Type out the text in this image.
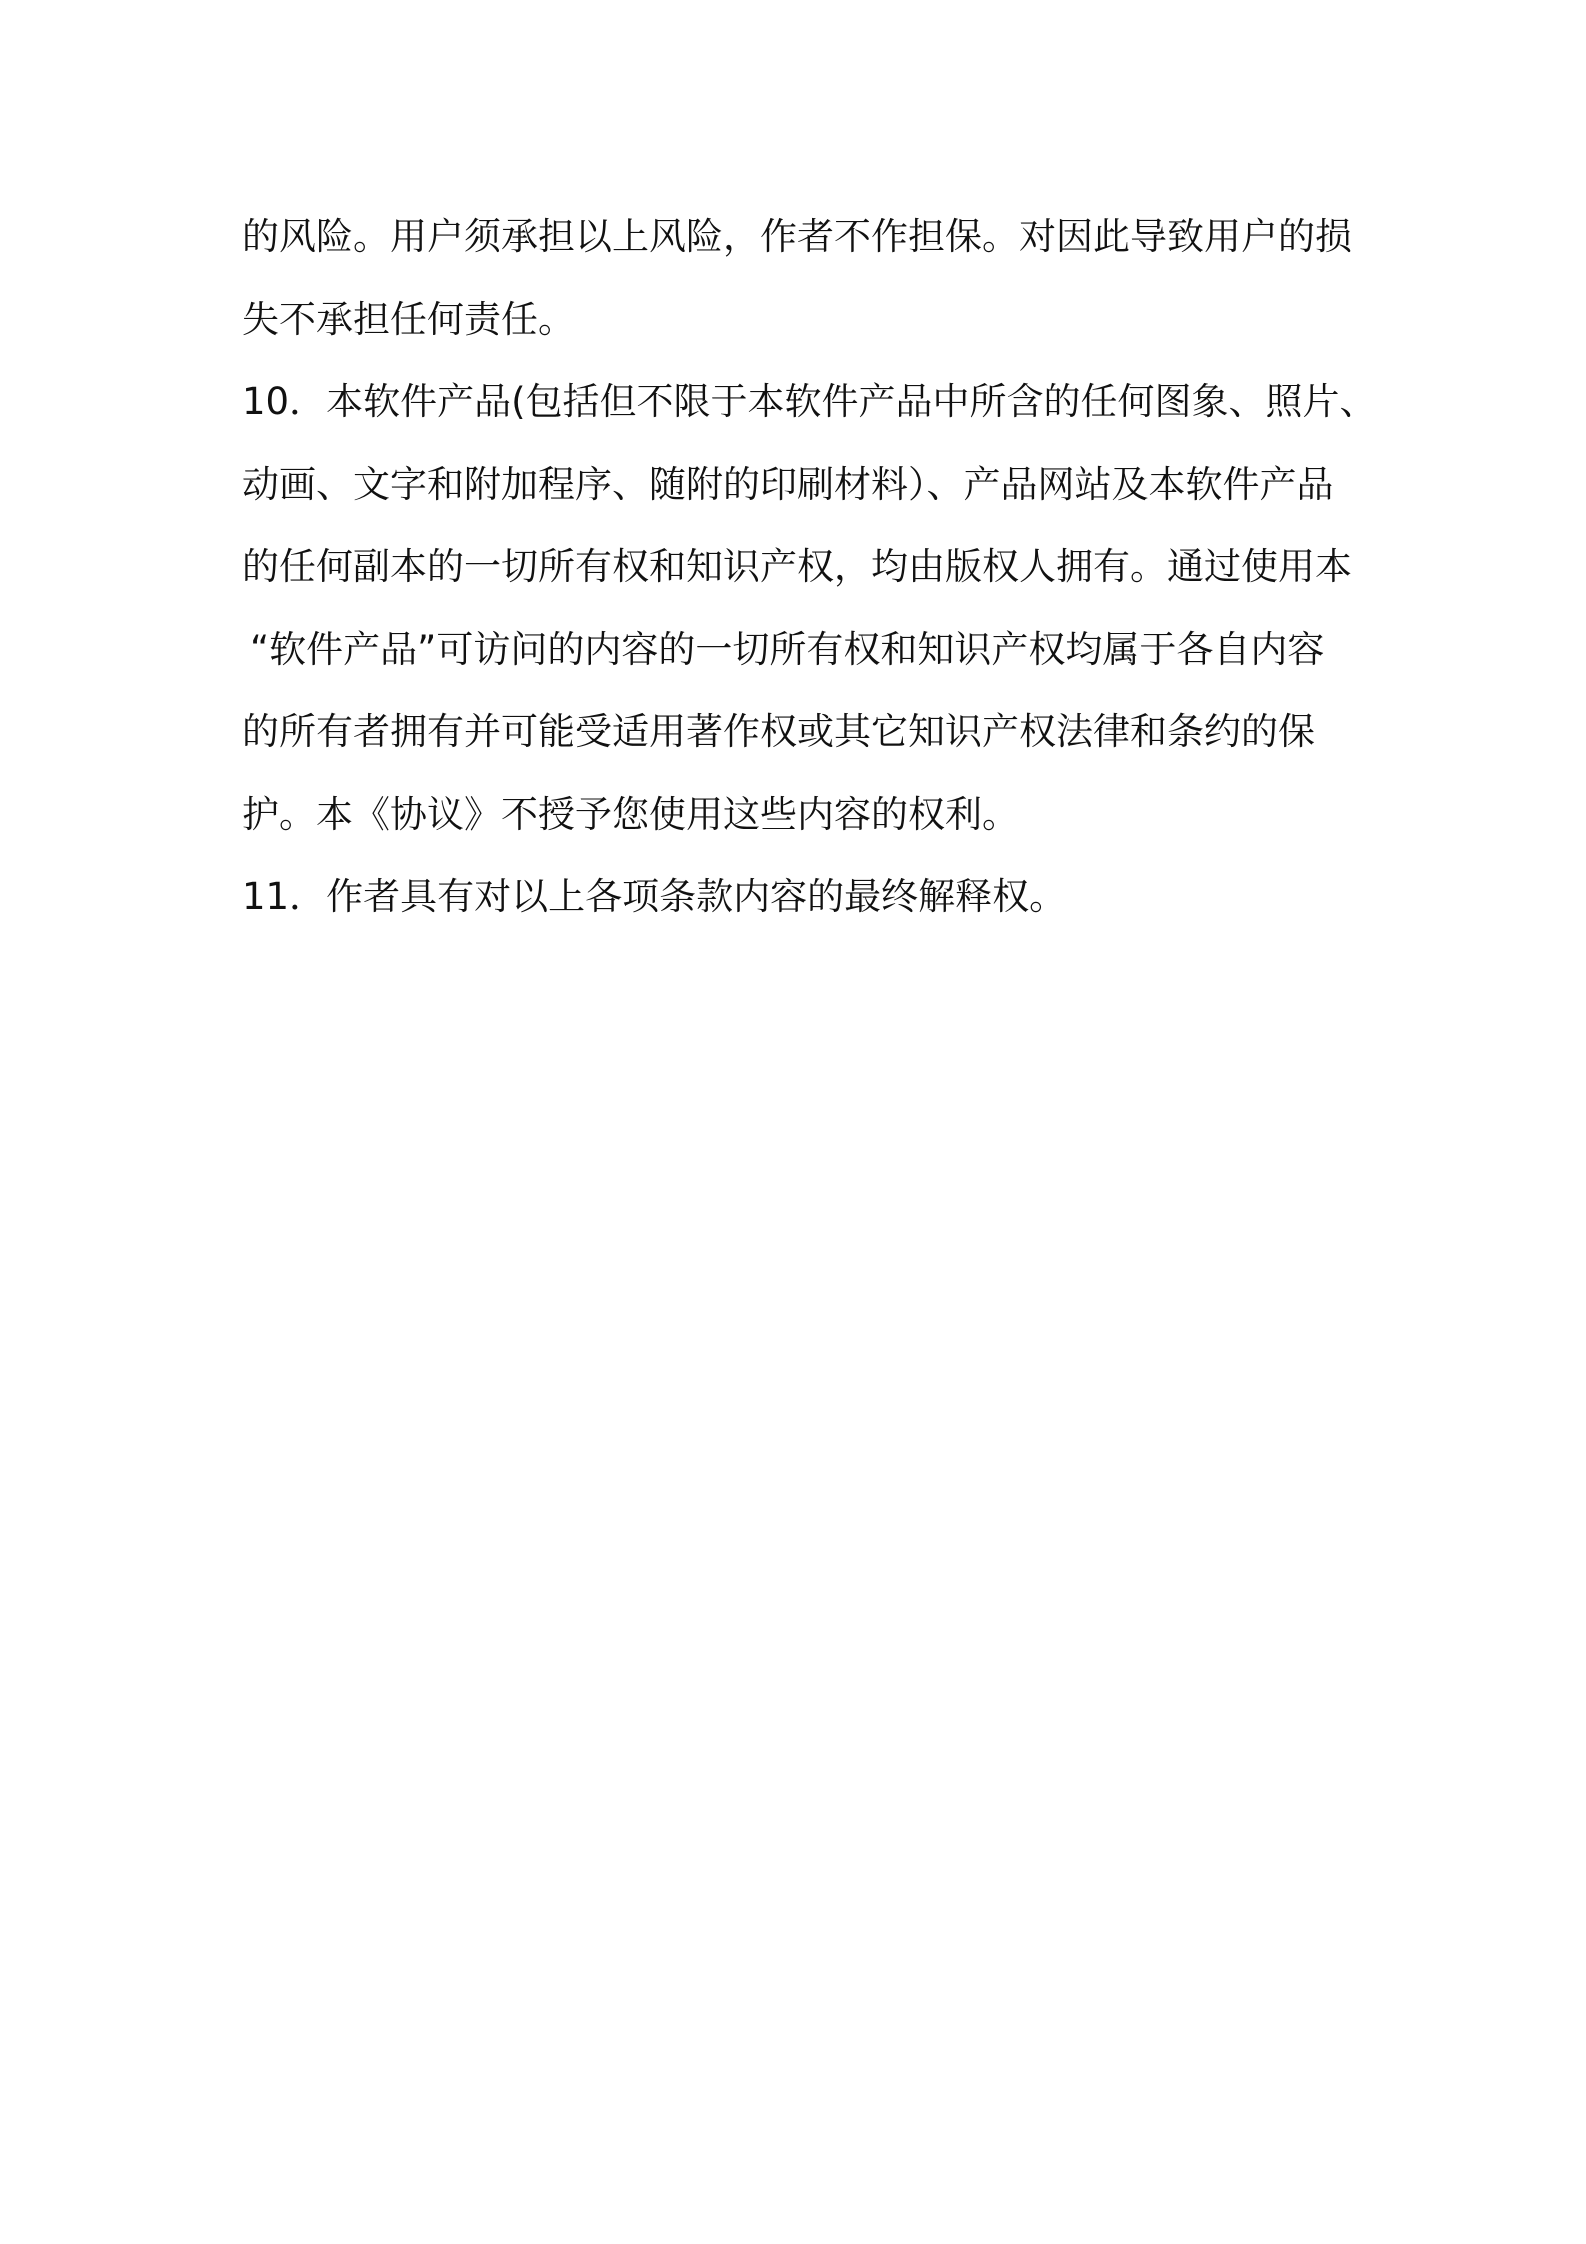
的风险。用户须承担以上风险，作者不作担保。对因此导致用户的损
失不承担任何责任。
10．本软件产品(包括但不限于本软件产品中所含的任何图象、照片、
动画、文字和附加程序、随附的印刷材料）、产品网站及本软件产品
的任何副本的一切所有权和知识产权，均由版权人拥有。通过使用本
“软件产品”可访问的内容的一切所有权和知识产权均属于各自内容
的所有者拥有并可能受适用著作权或其它知识产权法律和条约的保
护。本《协议》不授予您使用这些内容的权利。
11．作者具有对以上各项条款内容的最终解释权。
